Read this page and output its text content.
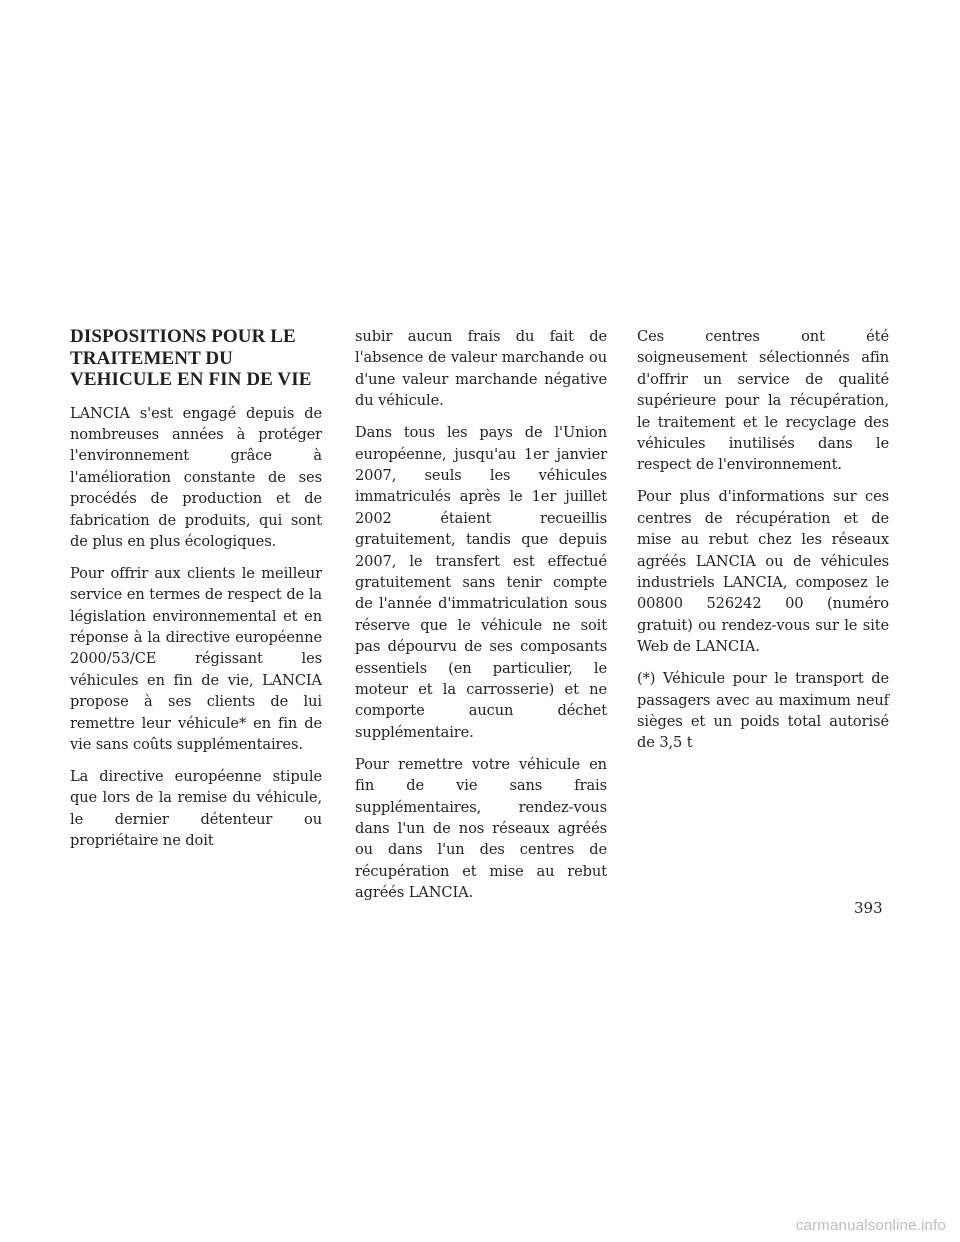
DISPOSITIONS POUR LE TRAITEMENT DU VEHICULE EN FIN DE VIE

LANCIA s'est engagé depuis de nombreuses années à protéger l'environnement grâce à l'amélioration constante de ses procédés de production et de fabrication de produits, qui sont de plus en plus écologiques.

Pour offrir aux clients le meilleur service en termes de respect de la législation environnemental et en réponse à la directive européenne 2000/53/CE régissant les véhicules en fin de vie, LANCIA propose à ses clients de lui remettre leur véhicule* en fin de vie sans coûts supplémentaires.

La directive européenne stipule que lors de la remise du véhicule, le dernier détenteur ou propriétaire ne doit

subir aucun frais du fait de l'absence de valeur marchande ou d'une valeur marchande négative du véhicule.

Dans tous les pays de l'Union européenne, jusqu'au 1er janvier 2007, seuls les véhicules immatriculés après le 1er juillet 2002 étaient recueillis gratuitement, tandis que depuis 2007, le transfert est effectué gratuitement sans tenir compte de l'année d'immatriculation sous réserve que le véhicule ne soit pas dépourvu de ses composants essentiels (en particulier, le moteur et la carrosserie) et ne comporte aucun déchet supplémentaire.

Pour remettre votre véhicule en fin de vie sans frais supplémentaires, rendez-vous dans l'un de nos réseaux agréés ou dans l'un des centres de récupération et mise au rebut agréés LANCIA.

Ces centres ont été soigneusement sélectionnés afin d'offrir un service de qualité supérieure pour la récupération, le traitement et le recyclage des véhicules inutilisés dans le respect de l'environnement.

Pour plus d'informations sur ces centres de récupération et de mise au rebut chez les réseaux agréés LANCIA ou de véhicules industriels LANCIA, composez le 00800 526242 00 (numéro gratuit) ou rendez-vous sur le site Web de LANCIA.

(*) Véhicule pour le transport de passagers avec au maximum neuf sièges et un poids total autorisé de 3,5 t

393
carmanualsonline.info
